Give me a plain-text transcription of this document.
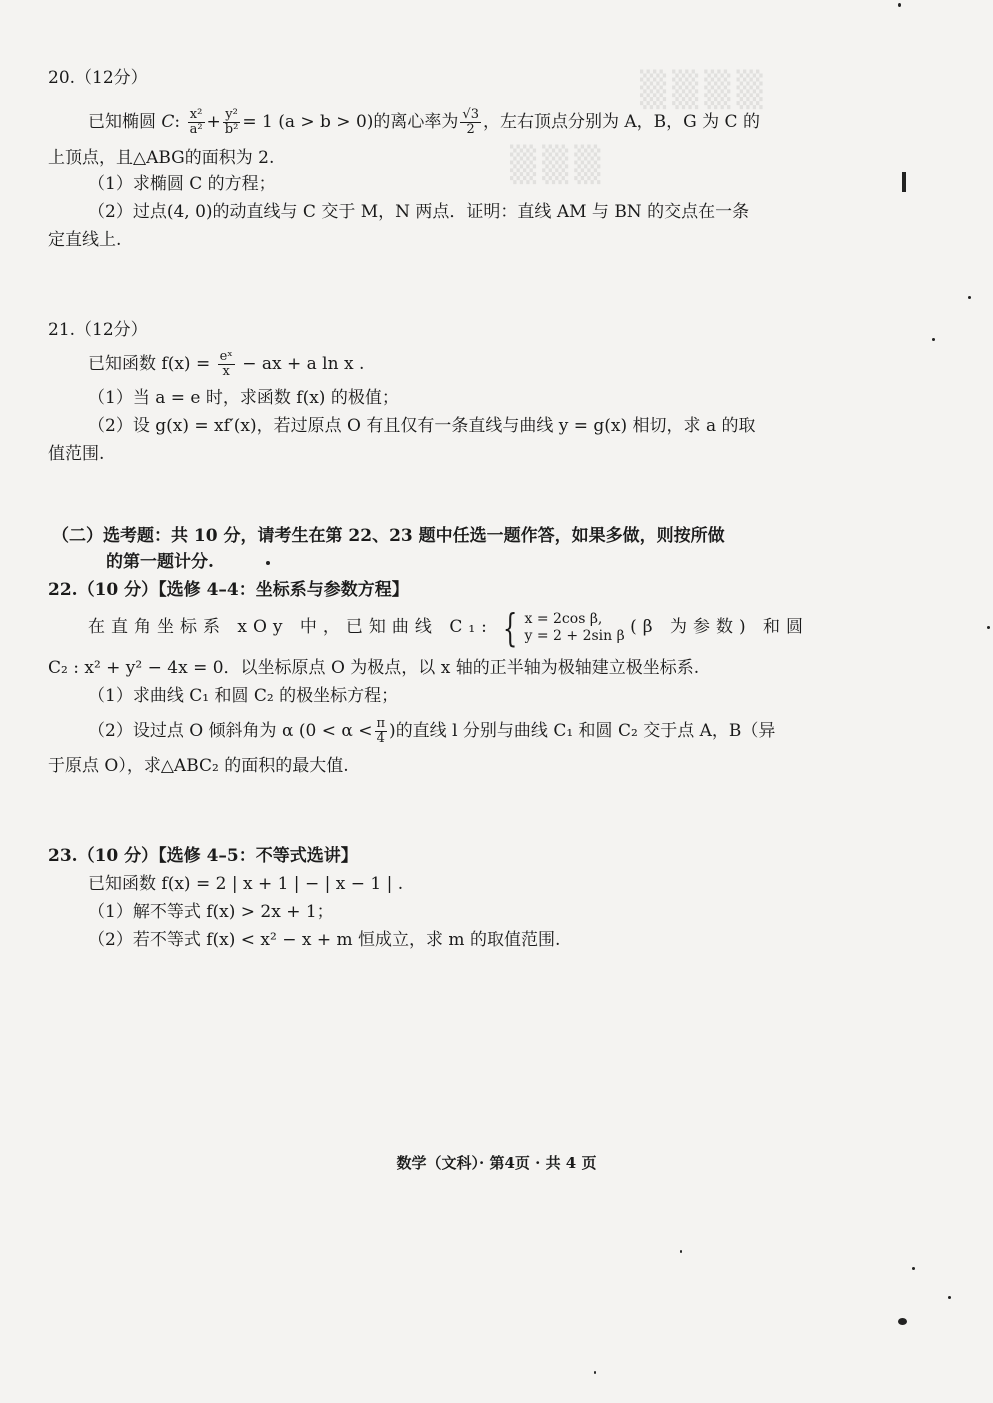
▒▒▒▒
▒▒▒
20.（12分）
已知椭圆 C: $\frac{\text{x²}}{\text{a²}} + \frac{\text{y²}}{\text{b²}} = 1$ (a > b > 0)的离心率为 $\frac{√3}{2}$ ，左右顶点分别为 A，B，G 为 C 的
上顶点，且△ABG的面积为 2.
（1）求椭圆 C 的方程；
（2）过点(4, 0)的动直线与 C 交于 M，N 两点．证明：直线 AM 与 BN 的交点在一条
定直线上.
21.（12分）
已知函数 $f(x) = \frac{\text{eˣ}}{x}$ − ax + a ln x .
（1）当 a = e 时，求函数 f(x) 的极值；
（2）设 g(x) = xf′(x)，若过原点 O 有且仅有一条直线与曲线 y = g(x) 相切，求 a 的取
值范围.
（二）选考题：共 10 分，请考生在第 22、23 题中任选一题作答，如果多做，则按所做
的第一题计分.
22.（10 分）【选修 4–4：坐标系与参数方程】
在直角坐标系 xOy 中，已知曲线 C₁: { x = 2cos β,
y = 2 + 2sin β (β 为参数) 和圆
C₂ : x² + y² − 4x = 0．以坐标原点 O 为极点，以 x 轴的正半轴为极轴建立极坐标系.
（1）求曲线 C₁ 和圆 C₂ 的极坐标方程；
（2）设过点 O 倾斜角为 α ($0 < \alpha < \frac{\pi}{4}$ )的直线 l 分别与曲线 C₁ 和圆 C₂ 交于点 A，B（异
于原点 O），求△ABC₂ 的面积的最大值.
23.（10 分）【选修 4–5：不等式选讲】
已知函数 f(x) = 2 | x + 1 | − | x − 1 | .
（1）解不等式 f(x) > 2x + 1；
（2）若不等式 f(x) < x² − x + m 恒成立，求 m 的取值范围.
数学（文科）· 第4页 · 共 4 页
